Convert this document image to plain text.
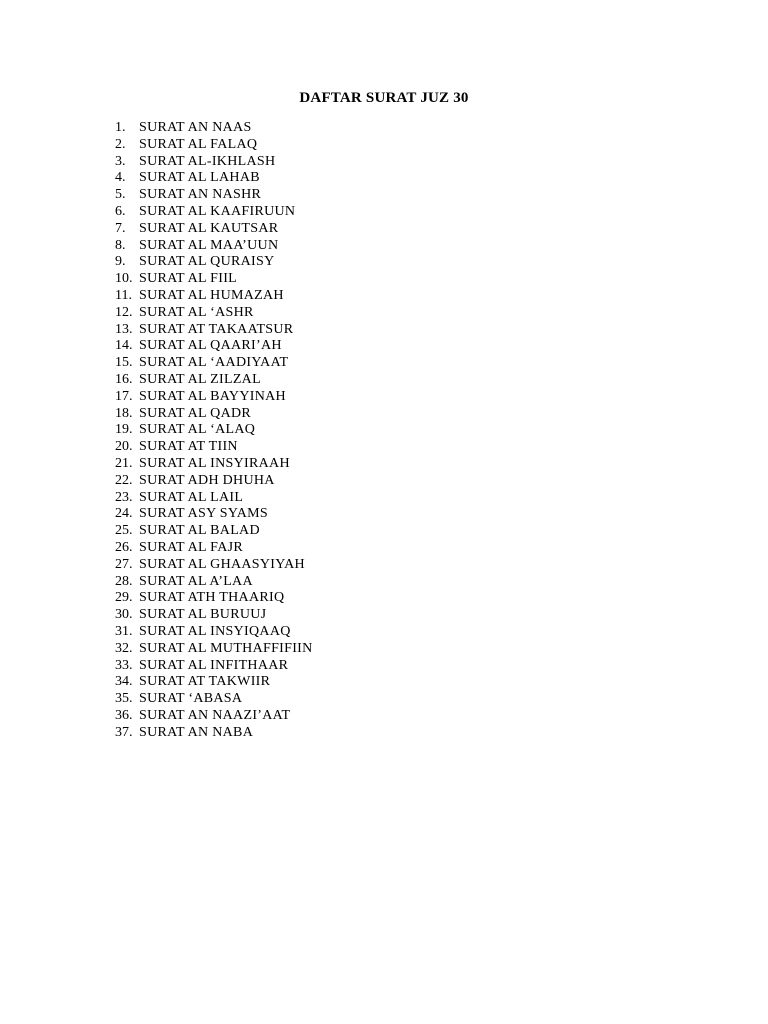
DAFTAR SURAT JUZ 30
1. SURAT AN NAAS
2. SURAT AL FALAQ
3. SURAT AL-IKHLASH
4. SURAT AL LAHAB
5. SURAT AN NASHR
6. SURAT AL KAAFIRUUN
7. SURAT AL KAUTSAR
8. SURAT AL MAA’UUN
9. SURAT AL QURAISY
10. SURAT AL FIIL
11. SURAT AL HUMAZAH
12. SURAT AL ‘ASHR
13. SURAT AT TAKAATSUR
14. SURAT AL QAARI’AH
15. SURAT AL ‘AADIYAAT
16. SURAT AL ZILZAL
17. SURAT AL BAYYINAH
18. SURAT AL QADR
19. SURAT AL ‘ALAQ
20. SURAT AT TIIN
21. SURAT AL INSYIRAAH
22. SURAT ADH DHUHA
23. SURAT AL LAIL
24. SURAT ASY SYAMS
25. SURAT AL BALAD
26. SURAT AL FAJR
27. SURAT AL GHAASYIYAH
28. SURAT AL A’LAA
29. SURAT ATH THAARIQ
30. SURAT AL BURUUJ
31. SURAT AL INSYIQAAQ
32. SURAT AL MUTHAFFIFIIN
33. SURAT AL INFITHAAR
34. SURAT AT TAKWIIR
35. SURAT ‘ABASA
36. SURAT AN NAAZI’AAT
37. SURAT AN NABA
